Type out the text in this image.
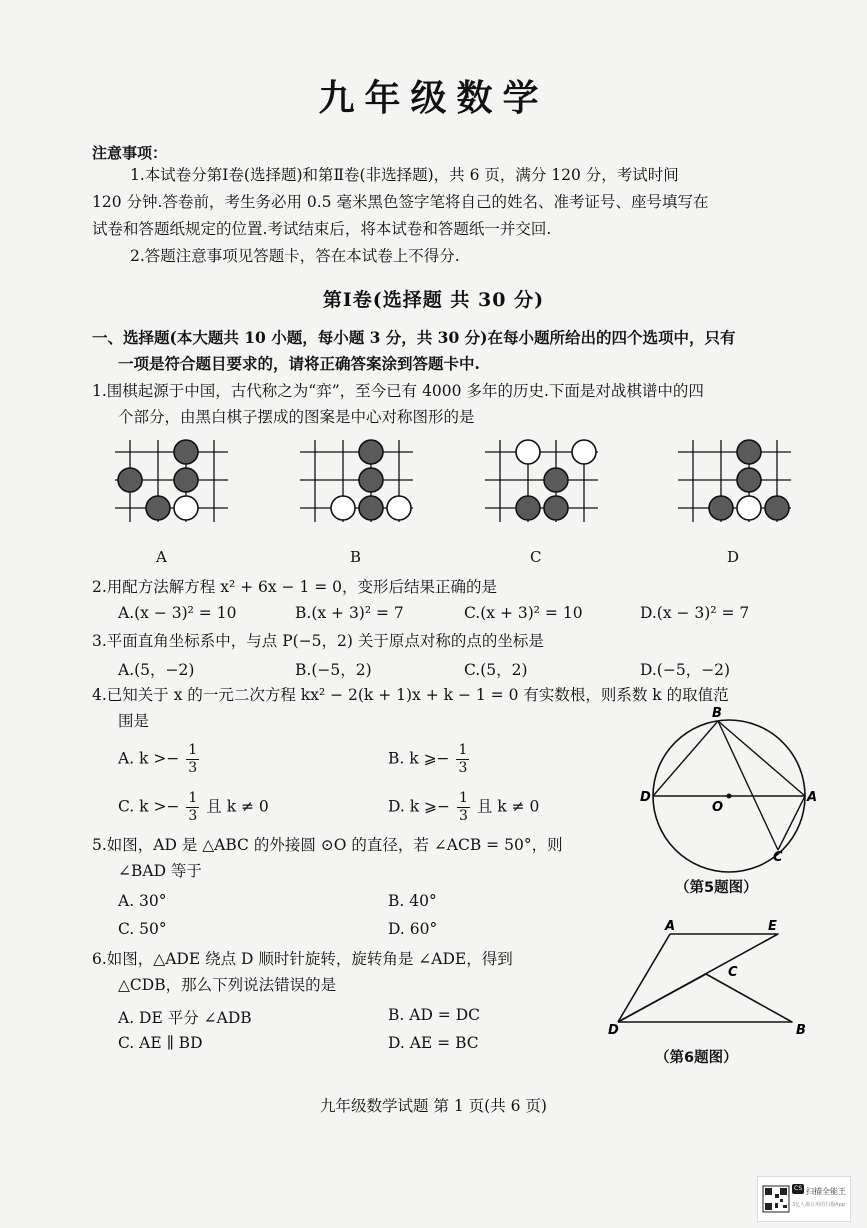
九年级数学
注意事项：
1.本试卷分第Ⅰ卷(选择题)和第Ⅱ卷(非选择题)，共 6 页，满分 120 分，考试时间
120 分钟.答卷前，考生务必用 0.5 毫米黑色签字笔将自己的姓名、准考证号、座号填写在
试卷和答题纸规定的位置.考试结束后，将本试卷和答题纸一并交回.
2.答题注意事项见答题卡，答在本试卷上不得分.
第Ⅰ卷(选择题 共 30 分)
一、选择题(本大题共 10 小题，每小题 3 分，共 30 分)在每小题所给出的四个选项中，只有
一项是符合题目要求的，请将正确答案涂到答题卡中.
1.围棋起源于中国，古代称之为“弈”，至今已有 4000 多年的历史.下面是对战棋谱中的四
个部分，由黑白棋子摆成的图案是中心对称图形的是
A	B	C	D
2.用配方法解方程 x² + 6x − 1 = 0，变形后结果正确的是
A.(x − 3)² = 10	B.(x + 3)² = 7	C.(x + 3)² = 10	D.(x − 3)² = 7
3.平面直角坐标系中，与点 P(−5，2) 关于原点对称的点的坐标是
A.(5，−2)	B.(−5，2)	C.(5，2)	D.(−5，−2)
4.已知关于 x 的一元二次方程 kx² − 2(k + 1)x + k − 1 = 0 有实数根，则系数 k 的取值范
围是
A. $k >- \frac{1}{3}$	B. k ⩾− $\frac{1}{3}$
C. $k >- \frac{1}{3}$ 且 k ≠ 0	D. k ⩾− $\frac{1}{3}$ 且 k ≠ 0
5.如图，AD 是 △ABC 的外接圆 ⊙O 的直径，若 ∠ACB = 50°，则
∠BAD 等于
A. 30°	B. 40°
C. 50°	D. 60°
B
D
O
A
C
（第5题图）
6.如图，△ADE 绕点 D 顺时针旋转，旋转角是 ∠ADE，得到
△CDB，那么下列说法错误的是
A. DE 平分 ∠ADB	B. AD = DC
C. AE ∥ BD	D. AE = BC
A	E
C
D	B
（第6题图）
九年级数学试题 第 1 页(共 6 页)
CS 扫描全能王
3亿人都在用的扫描App
